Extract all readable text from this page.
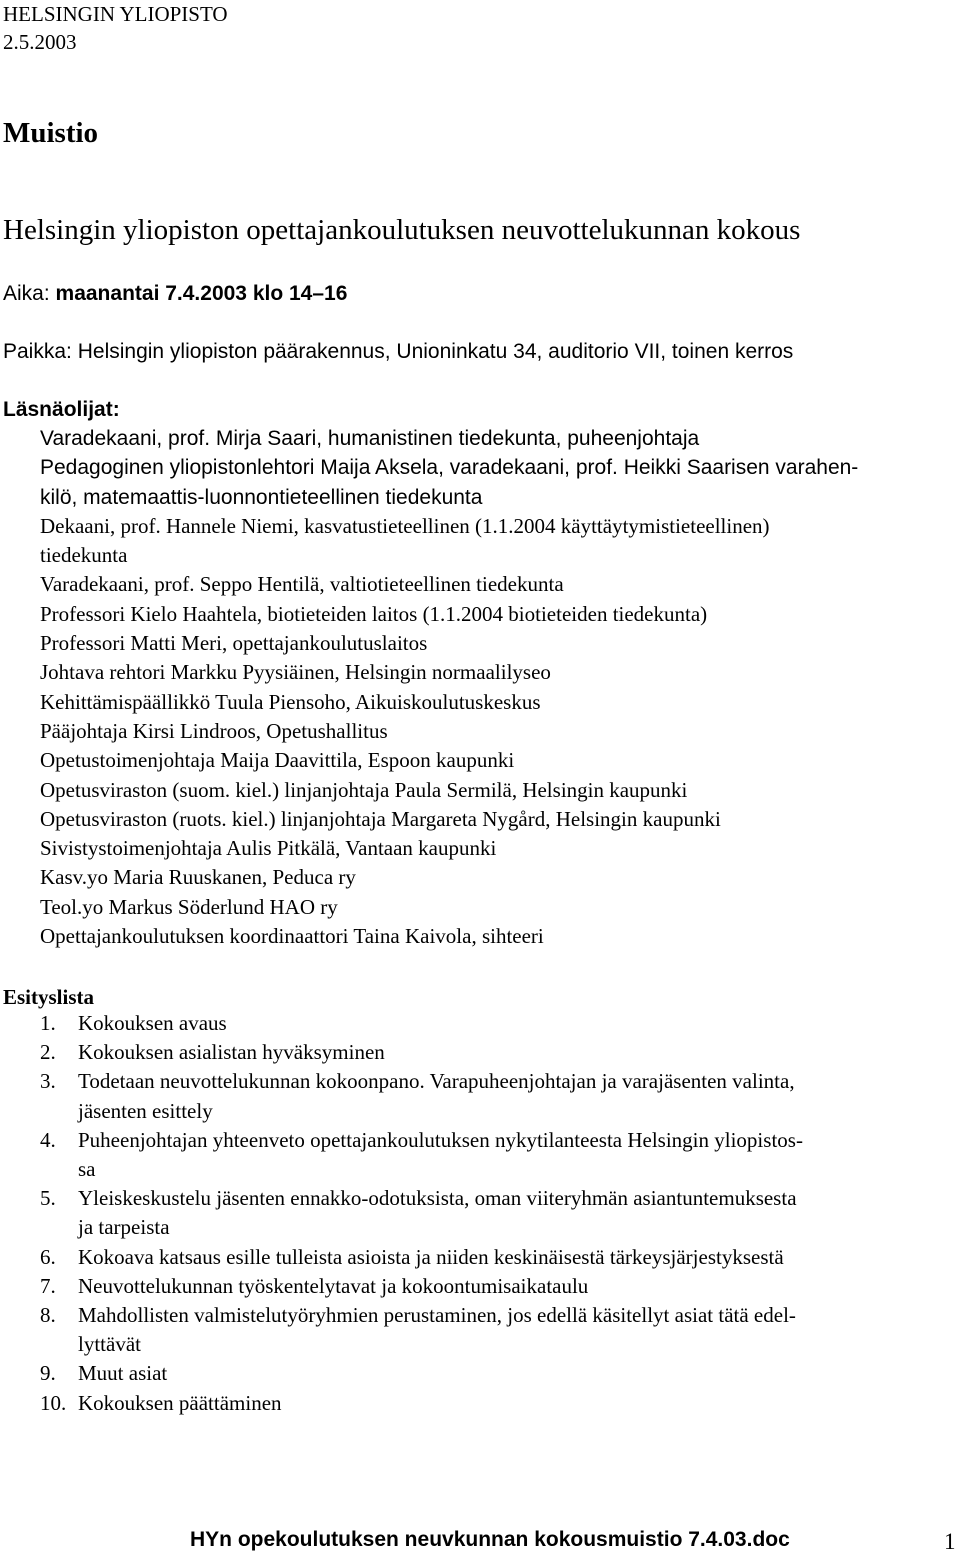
HELSINGIN YLIOPISTO
2.5.2003
Muistio
Helsingin yliopiston opettajankoulutuksen neuvottelukunnan kokous
Aika: maanantai 7.4.2003 klo 14–16
Paikka: Helsingin yliopiston päärakennus, Unioninkatu 34, auditorio VII, toinen kerros
Läsnäolijat:
Varadekaani, prof. Mirja Saari, humanistinen tiedekunta, puheenjohtaja
Pedagoginen yliopistonlehtori Maija Aksela, varadekaani, prof. Heikki Saarisen varahen-
kilö, matemaattis-luonnontieteellinen tiedekunta
Dekaani, prof. Hannele Niemi, kasvatustieteellinen (1.1.2004 käyttäytymistieteellinen)
tiedekunta
Varadekaani, prof. Seppo Hentilä, valtiotieteellinen tiedekunta
Professori Kielo Haahtela, biotieteiden laitos (1.1.2004 biotieteiden tiedekunta)
Professori Matti Meri, opettajankoulutuslaitos
Johtava rehtori Markku Pyysiäinen, Helsingin normaalilyseo
Kehittämispäällikkö Tuula Piensoho, Aikuiskoulutuskeskus
Pääjohtaja Kirsi Lindroos, Opetushallitus
Opetustoimenjohtaja Maija Daavittila, Espoon kaupunki
Opetusviraston (suom. kiel.) linjanjohtaja Paula Sermilä, Helsingin kaupunki
Opetusviraston (ruots. kiel.) linjanjohtaja Margareta Nygård, Helsingin kaupunki
Sivistystoimenjohtaja Aulis Pitkälä, Vantaan kaupunki
Kasv.yo Maria Ruuskanen, Peduca ry
Teol.yo Markus Söderlund HAO ry
Opettajankoulutuksen koordinaattori Taina Kaivola, sihteeri
Esityslista
1.	Kokouksen avaus
2.	Kokouksen asialistan hyväksyminen
3.	Todetaan neuvottelukunnan kokoonpano. Varapuheenjohtajan ja varajäsenten valinta,
jäsenten esittely
4.	Puheenjohtajan yhteenveto opettajankoulutuksen nykytilanteesta Helsingin yliopistos-
sa
5.	Yleiskeskustelu jäsenten ennakko-odotuksista, oman viiteryhmän asiantuntemuksesta
ja tarpeista
6.	Kokoava katsaus esille tulleista asioista ja niiden keskinäisestä tärkeysjärjestyksestä
7.	Neuvottelukunnan työskentelytavat ja kokoontumisaikataulu
8.	Mahdollisten valmistelutyöryhmien perustaminen, jos edellä käsitellyt asiat tätä edel-
lyttävät
9.	Muut asiat
10. Kokouksen päättäminen
HYn opekoulutuksen neuvkunnan kokousmuistio 7.4.03.doc	1
